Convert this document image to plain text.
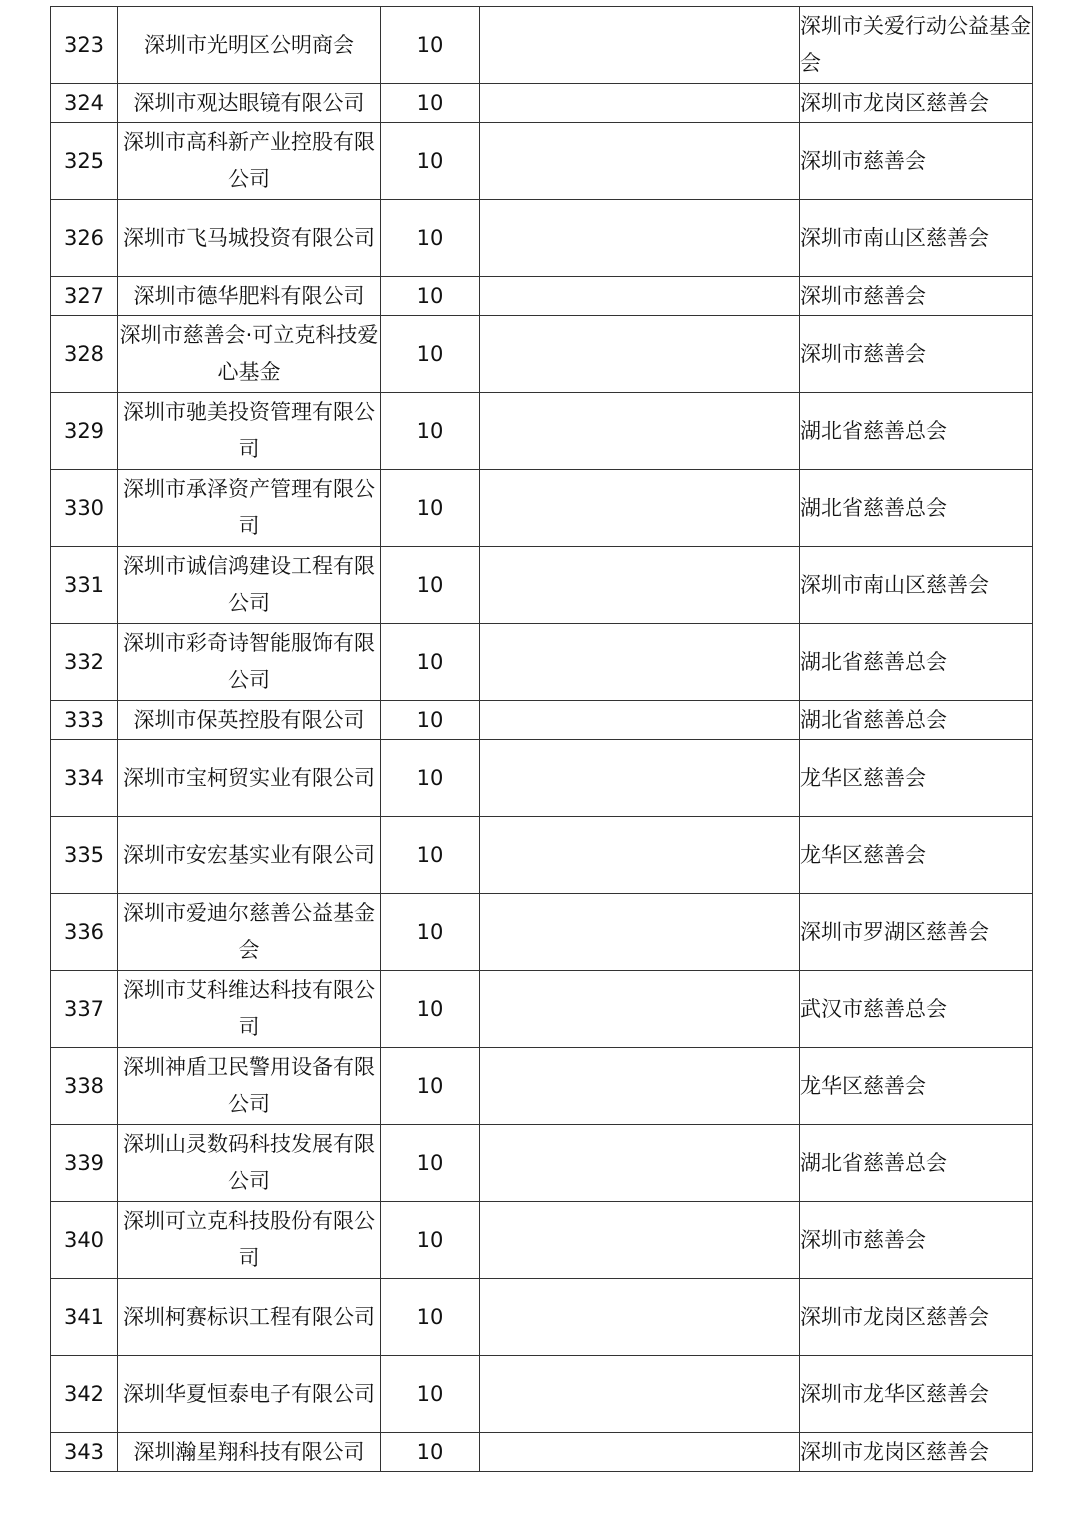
323	深圳市光明区公明商会	10		深圳市关爱行动公益基金会
324	深圳市观达眼镜有限公司	10		深圳市龙岗区慈善会
325	深圳市高科新产业控股有限公司	10		深圳市慈善会
326	深圳市飞马城投资有限公司	10		深圳市南山区慈善会
327	深圳市德华肥料有限公司	10		深圳市慈善会
328	深圳市慈善会·可立克科技爱心基金	10		深圳市慈善会
329	深圳市驰美投资管理有限公司	10		湖北省慈善总会
330	深圳市承泽资产管理有限公司	10		湖北省慈善总会
331	深圳市诚信鸿建设工程有限公司	10		深圳市南山区慈善会
332	深圳市彩奇诗智能服饰有限公司	10		湖北省慈善总会
333	深圳市保英控股有限公司	10		湖北省慈善总会
334	深圳市宝柯贸实业有限公司	10		龙华区慈善会
335	深圳市安宏基实业有限公司	10		龙华区慈善会
336	深圳市爱迪尔慈善公益基金会	10		深圳市罗湖区慈善会
337	深圳市艾科维达科技有限公司	10		武汉市慈善总会
338	深圳神盾卫民警用设备有限公司	10		龙华区慈善会
339	深圳山灵数码科技发展有限公司	10		湖北省慈善总会
340	深圳可立克科技股份有限公司	10		深圳市慈善会
341	深圳柯赛标识工程有限公司	10		深圳市龙岗区慈善会
342	深圳华夏恒泰电子有限公司	10		深圳市龙华区慈善会
343	深圳瀚星翔科技有限公司	10		深圳市龙岗区慈善会
